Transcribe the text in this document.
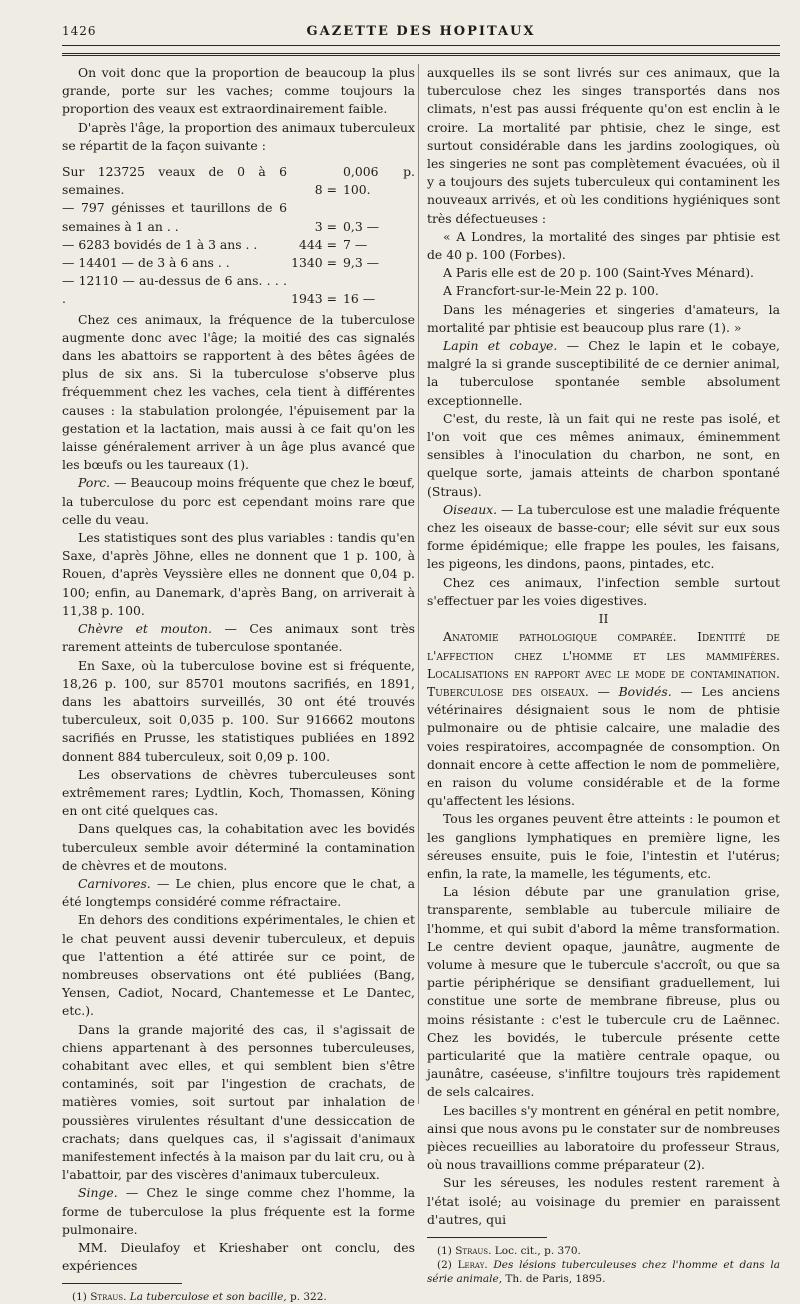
1426	GAZETTE DES HOPITAUX

On voit donc que la proportion de beaucoup la plus grande, porte sur les vaches; comme toujours la proportion des veaux est extraordinairement faible.

D'après l'âge, la proportion des animaux tuberculeux se répartit de la façon suivante :

Sur 123725 veaux de 0 à 6 semaines.	8 =	0,006 p. 100.
— 797 génisses et taurillons de 6 semaines à 1 an . .	3 =	0,3 —
— 6283 bovidés de 1 à 3 ans . .	444 =	7 —
— 14401 — de 3 à 6 ans . .	1340 =	9,3 —
— 12110 — au-dessus de 6 ans. . . . .	1943 =	16 —

Chez ces animaux, la fréquence de la tuberculose augmente donc avec l'âge; la moitié des cas signalés dans les abattoirs se rapportent à des bêtes âgées de plus de six ans. Si la tuberculose s'observe plus fréquemment chez les vaches, cela tient à différentes causes : la stabulation prolongée, l'épuisement par la gestation et la lactation, mais aussi à ce fait qu'on les laisse généralement arriver à un âge plus avancé que les bœufs ou les taureaux (1).

Porc. — Beaucoup moins fréquente que chez le bœuf, la tuberculose du porc est cependant moins rare que celle du veau.

Les statistiques sont des plus variables : tandis qu'en Saxe, d'après Jöhne, elles ne donnent que 1 p. 100, à Rouen, d'après Veyssière elles ne donnent que 0,04 p. 100; enfin, au Danemark, d'après Bang, on arriverait à 11,38 p. 100.

Chèvre et mouton. — Ces animaux sont très rarement atteints de tuberculose spontanée.

En Saxe, où la tuberculose bovine est si fréquente, 18,26 p. 100, sur 85701 moutons sacrifiés, en 1891, dans les abattoirs surveillés, 30 ont été trouvés tuberculeux, soit 0,035 p. 100. Sur 916662 moutons sacrifiés en Prusse, les statistiques publiées en 1892 donnent 884 tuberculeux, soit 0,09 p. 100.

Les observations de chèvres tuberculeuses sont extrêmement rares; Lydtlin, Koch, Thomassen, Köning en ont cité quelques cas.

Dans quelques cas, la cohabitation avec les bovidés tuberculeux semble avoir déterminé la contamination de chèvres et de moutons.

Carnivores. — Le chien, plus encore que le chat, a été longtemps considéré comme réfractaire.

En dehors des conditions expérimentales, le chien et le chat peuvent aussi devenir tuberculeux, et depuis que l'attention a été attirée sur ce point, de nombreuses observations ont été publiées (Bang, Yensen, Cadiot, Nocard, Chantemesse et Le Dantec, etc.).

Dans la grande majorité des cas, il s'agissait de chiens appartenant à des personnes tuberculeuses, cohabitant avec elles, et qui semblent bien s'être contaminés, soit par l'ingestion de crachats, de matières vomies, soit surtout par inhalation de poussières virulentes résultant d'une dessiccation de crachats; dans quelques cas, il s'agissait d'animaux manifestement infectés à la maison par du lait cru, ou à l'abattoir, par des viscères d'animaux tuberculeux.

Singe. — Chez le singe comme chez l'homme, la forme de tuberculose la plus fréquente est la forme pulmonaire.

MM. Dieulafoy et Krieshaber ont conclu, des expériences

(1) Straus. La tuberculose et son bacille, p. 322.

auxquelles ils se sont livrés sur ces animaux, que la tuberculose chez les singes transportés dans nos climats, n'est pas aussi fréquente qu'on est enclin à le croire. La mortalité par phtisie, chez le singe, est surtout considérable dans les jardins zoologiques, où les singeries ne sont pas complètement évacuées, où il y a toujours des sujets tuberculeux qui contaminent les nouveaux arrivés, et où les conditions hygiéniques sont très défectueuses :

« A Londres, la mortalité des singes par phtisie est de 40 p. 100 (Forbes).

A Paris elle est de 20 p. 100 (Saint-Yves Ménard).

A Francfort-sur-le-Mein 22 p. 100.

Dans les ménageries et singeries d'amateurs, la mortalité par phtisie est beaucoup plus rare (1). »

Lapin et cobaye. — Chez le lapin et le cobaye, malgré la si grande susceptibilité de ce dernier animal, la tuberculose spontanée semble absolument exceptionnelle.

C'est, du reste, là un fait qui ne reste pas isolé, et l'on voit que ces mêmes animaux, éminemment sensibles à l'inoculation du charbon, ne sont, en quelque sorte, jamais atteints de charbon spontané (Straus).

Oiseaux. — La tuberculose est une maladie fréquente chez les oiseaux de basse-cour; elle sévit sur eux sous forme épidémique; elle frappe les poules, les faisans, les pigeons, les dindons, paons, pintades, etc.

Chez ces animaux, l'infection semble surtout s'effectuer par les voies digestives.

II

Anatomie pathologique comparée. Identité de l'affection chez l'homme et les mammifères. Localisations en rapport avec le mode de contamination. Tuberculose des oiseaux. — Bovidés. — Les anciens vétérinaires désignaient sous le nom de phtisie pulmonaire ou de phtisie calcaire, une maladie des voies respiratoires, accompagnée de consomption. On donnait encore à cette affection le nom de pommelière, en raison du volume considérable et de la forme qu'affectent les lésions.

Tous les organes peuvent être atteints : le poumon et les ganglions lymphatiques en première ligne, les séreuses ensuite, puis le foie, l'intestin et l'utérus; enfin, la rate, la mamelle, les téguments, etc.

La lésion débute par une granulation grise, transparente, semblable au tubercule miliaire de l'homme, et qui subit d'abord la même transformation. Le centre devient opaque, jaunâtre, augmente de volume à mesure que le tubercule s'accroît, ou que sa partie périphérique se densifiant graduellement, lui constitue une sorte de membrane fibreuse, plus ou moins résistante : c'est le tubercule cru de Laënnec. Chez les bovidés, le tubercule présente cette particularité que la matière centrale opaque, ou jaunâtre, caséeuse, s'infiltre toujours très rapidement de sels calcaires.

Les bacilles s'y montrent en général en petit nombre, ainsi que nous avons pu le constater sur de nombreuses pièces recueillies au laboratoire du professeur Straus, où nous travaillions comme préparateur (2).

Sur les séreuses, les nodules restent rarement à l'état isolé; au voisinage du premier en paraissent d'autres, qui

(1) Straus. Loc. cit., p. 370.

(2) Leray. Des lésions tuberculeuses chez l'homme et dans la série animale, Th. de Paris, 1895.
